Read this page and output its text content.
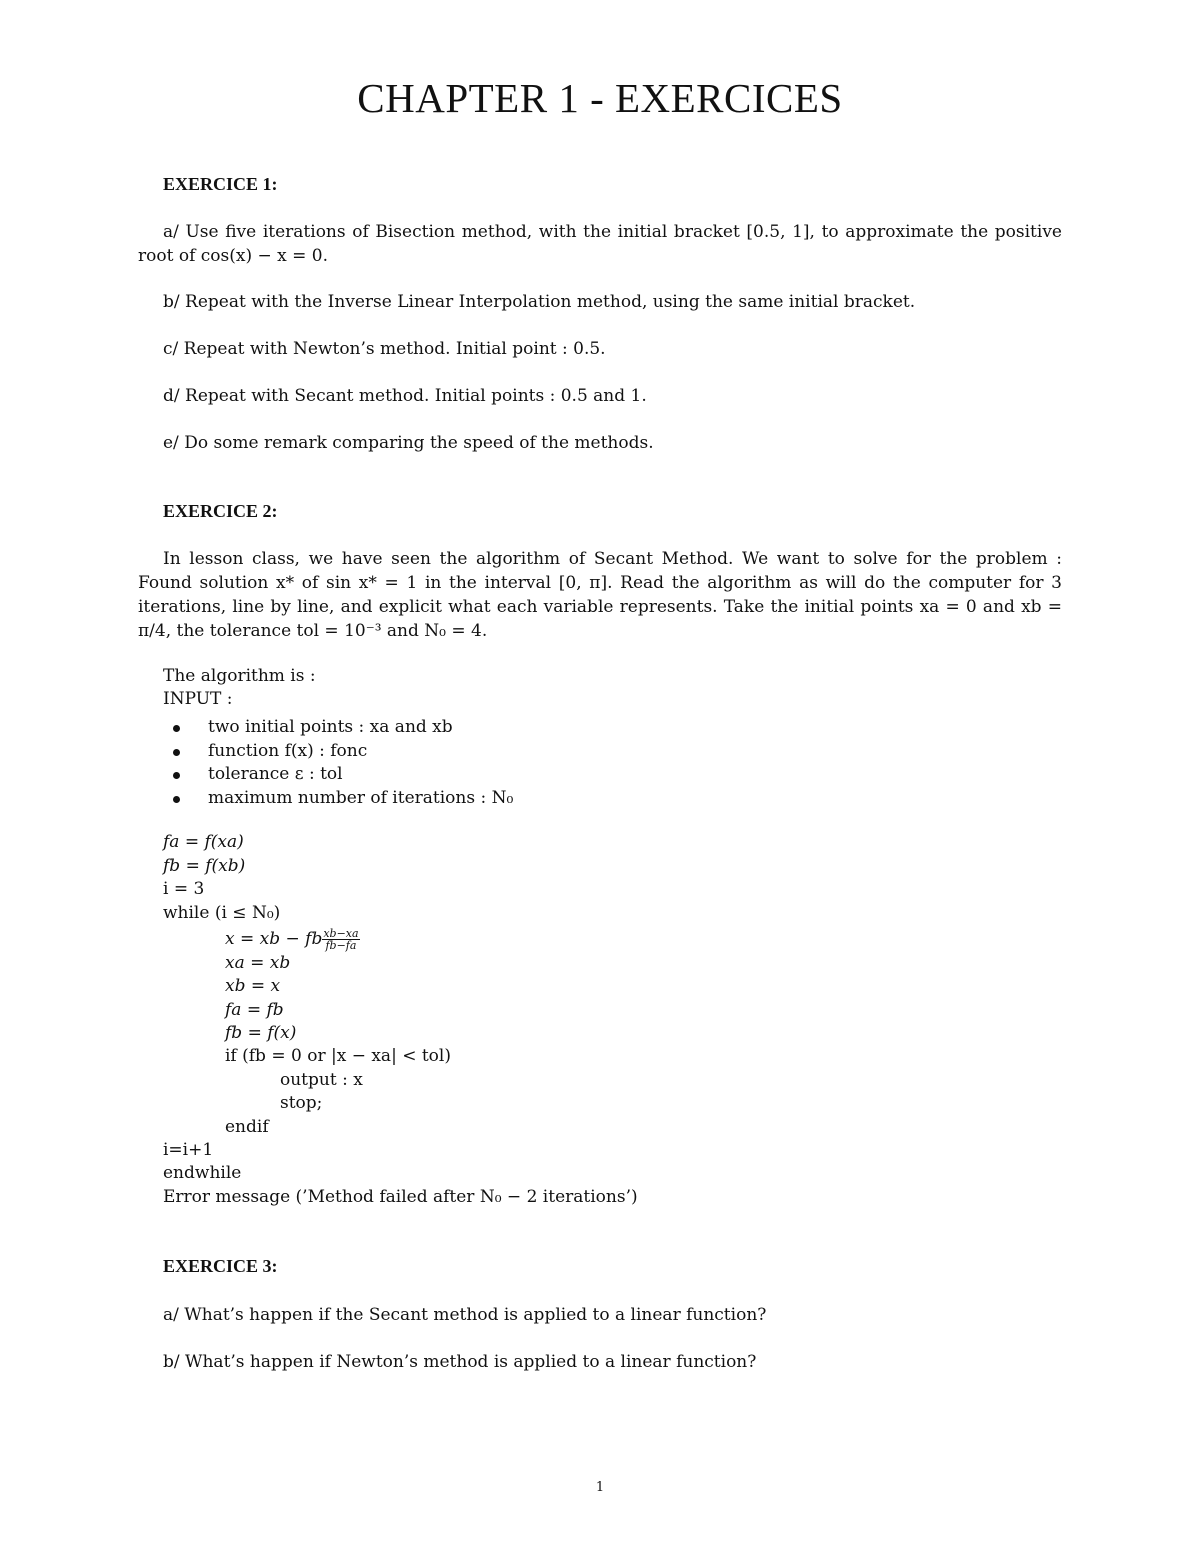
CHAPTER 1 - EXERCICES
EXERCICE 1:

a/ Use five iterations of Bisection method, with the initial bracket [0.5, 1], to approximate the positive root of cos(x) − x = 0.

b/ Repeat with the Inverse Linear Interpolation method, using the same initial bracket.

c/ Repeat with Newton’s method. Initial point : 0.5.

d/ Repeat with Secant method. Initial points : 0.5 and 1.

e/ Do some remark comparing the speed of the methods.

EXERCICE 2:

In lesson class, we have seen the algorithm of Secant Method. We want to solve for the problem : Found solution x* of sin x* = 1 in the interval [0, π]. Read the algorithm as will do the computer for 3 iterations, line by line, and explicit what each variable represents. Take the initial points xa = 0 and xb = π/4, the tolerance tol = 10⁻³ and N₀ = 4.

The algorithm is :

INPUT :

two initial points : xa and xb
function f(x) : fonc
tolerance ε : tol
maximum number of iterations : N₀

fa = f(xa)

fb = f(xb)

i = 3

while (i ≤ N₀)

x = xb − fb $\frac{xb-xa}{fb-fa}$

xa = xb

xb = x

fa = fb

fb = f(x)

if (fb = 0 or |x − xa| < tol)

output : x

stop;

endif

i=i+1

endwhile

Error message (’Method failed after N₀ − 2 iterations’)

EXERCICE 3:

a/ What’s happen if the Secant method is applied to a linear function?

b/ What’s happen if Newton’s method is applied to a linear function?

1
